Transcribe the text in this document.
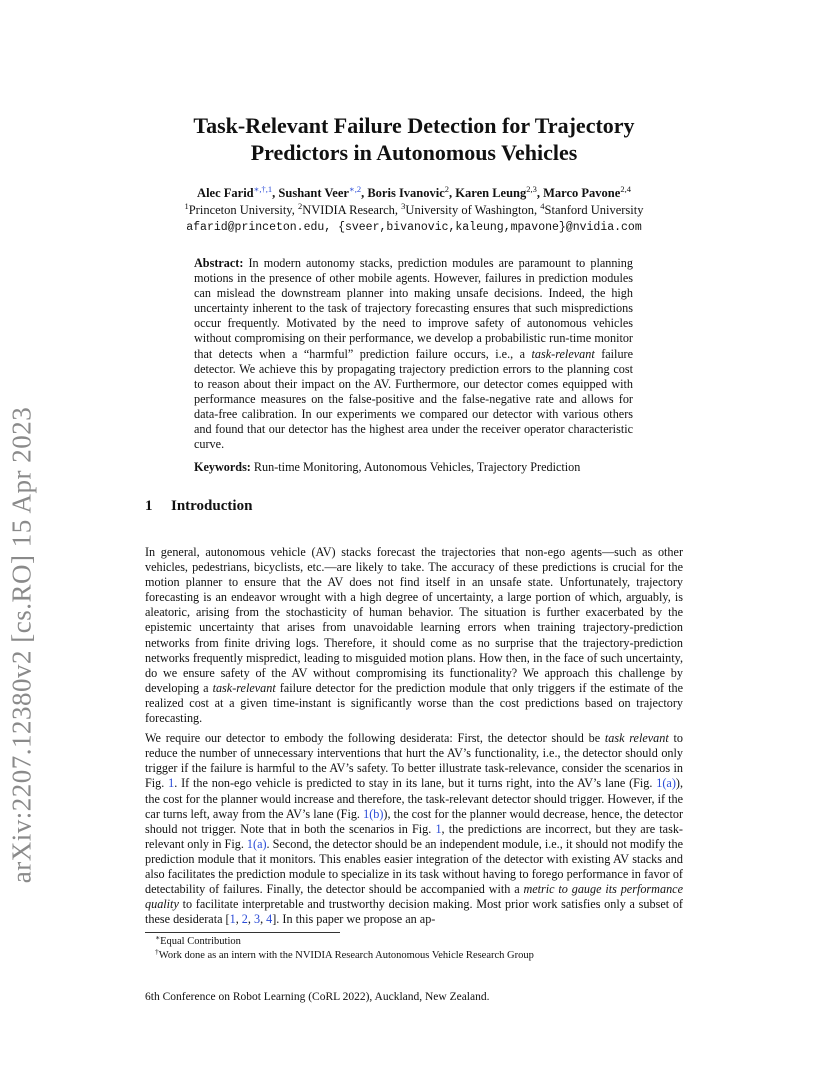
arXiv:2207.12380v2 [cs.RO] 15 Apr 2023
Task-Relevant Failure Detection for Trajectory
Predictors in Autonomous Vehicles
Alec Farid$^{∗,\dagger,1}$, Sushant Veer$^{∗,2}$, Boris Ivanovic$^2$, Karen Leung$^{2,3}$, Marco Pavone$^{2,4}$
$^1$Princeton University, $^2$NVIDIA Research, $^3$University of Washington, $^4$Stanford University
afarid@princeton.edu, {sveer,bivanovic,kaleung,mpavone}@nvidia.com

Abstract: In modern autonomy stacks, prediction modules are paramount to planning motions in the presence of other mobile agents. However, failures in prediction modules can mislead the downstream planner into making unsafe decisions. Indeed, the high uncertainty inherent to the task of trajectory forecasting ensures that such mispredictions occur frequently. Motivated by the need to improve safety of autonomous vehicles without compromising on their performance, we develop a probabilistic run-time monitor that detects when a “harmful” prediction failure occurs, i.e., a task-relevant failure detector. We achieve this by propagating trajectory prediction errors to the planning cost to reason about their impact on the AV. Furthermore, our detector comes equipped with performance measures on the false-positive and the false-negative rate and allows for data-free calibration. In our experiments we compared our detector with various others and found that our detector has the highest area under the receiver operator characteristic curve.

Keywords: Run-time Monitoring, Autonomous Vehicles, Trajectory Prediction
1 Introduction

In general, autonomous vehicle (AV) stacks forecast the trajectories that non-ego agents—such as other vehicles, pedestrians, bicyclists, etc.—are likely to take. The accuracy of these predictions is crucial for the motion planner to ensure that the AV does not find itself in an unsafe state. Unfortunately, trajectory forecasting is an endeavor wrought with a high degree of uncertainty, a large portion of which, arguably, is aleatoric, arising from the stochasticity of human behavior. The situation is further exacerbated by the epistemic uncertainty that arises from unavoidable learning errors when training trajectory-prediction networks from finite driving logs. Therefore, it should come as no surprise that the trajectory-prediction networks frequently mispredict, leading to misguided motion plans. How then, in the face of such uncertainty, do we ensure safety of the AV without compromising its functionality? We approach this challenge by developing a task-relevant failure detector for the prediction module that only triggers if the estimate of the realized cost at a given time-instant is significantly worse than the cost predictions based on trajectory forecasting.

We require our detector to embody the following desiderata: First, the detector should be task relevant to reduce the number of unnecessary interventions that hurt the AV’s functionality, i.e., the detector should only trigger if the failure is harmful to the AV’s safety. To better illustrate task-relevance, consider the scenarios in Fig. 1. If the non-ego vehicle is predicted to stay in its lane, but it turns right, into the AV’s lane (Fig. 1(a)), the cost for the planner would increase and therefore, the task-relevant detector should trigger. However, if the car turns left, away from the AV’s lane (Fig. 1(b)), the cost for the planner would decrease, hence, the detector should not trigger. Note that in both the scenarios in Fig. 1, the predictions are incorrect, but they are task-relevant only in Fig. 1(a). Second, the detector should be an independent module, i.e., it should not modify the prediction module that it monitors. This enables easier integration of the detector with existing AV stacks and also facilitates the prediction module to specialize in its task without having to forego performance in favor of detectability of failures. Finally, the detector should be accompanied with a metric to gauge its performance quality to facilitate interpretable and trustworthy decision making. Most prior work satisfies only a subset of these desiderata [1, 2, 3, 4]. In this paper we propose an ap-

∗Equal Contribution
†Work done as an intern with the NVIDIA Research Autonomous Vehicle Research Group
6th Conference on Robot Learning (CoRL 2022), Auckland, New Zealand.
